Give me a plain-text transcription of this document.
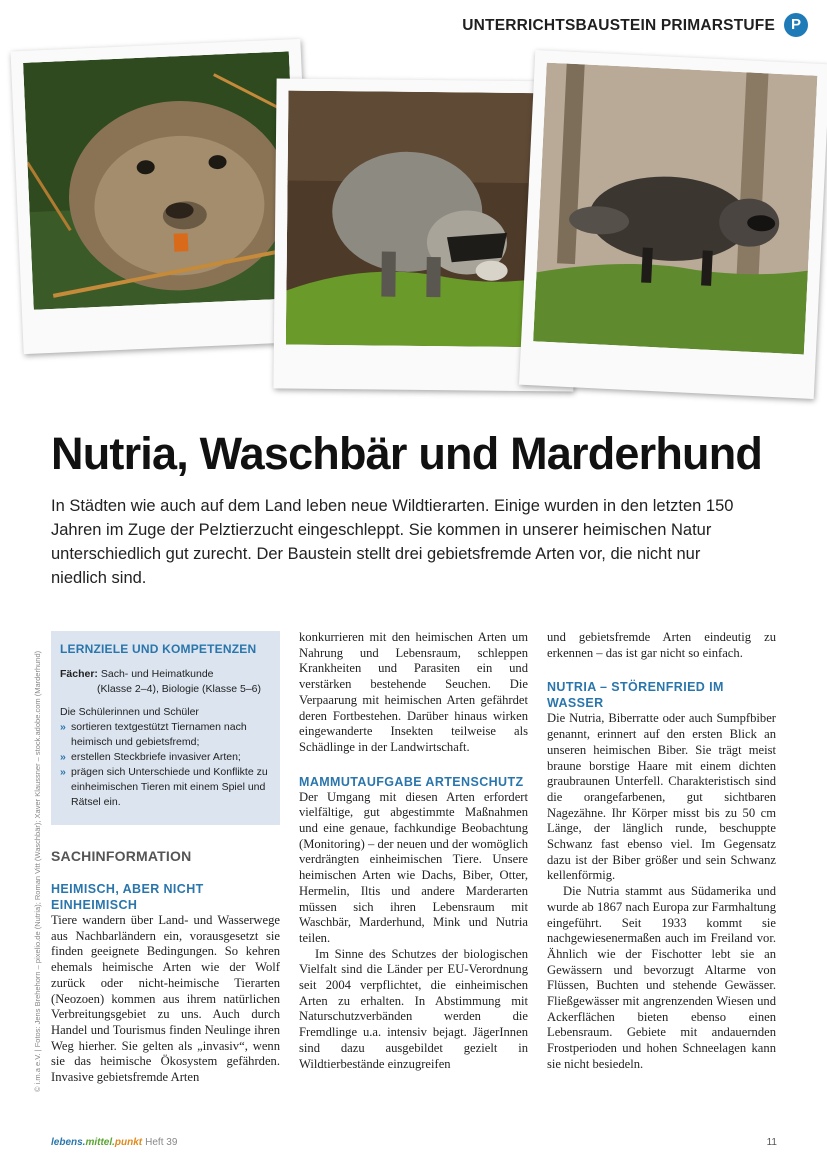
UNTERRICHTSBAUSTEIN PRIMARSTUFE	P
© i.m.a e.V. | Fotos: Jens Brehehorn – pixelio.de (Nutria); Roman Vitt (Waschbär); Xaver Klaussner – stock.adobe.com (Marderhund)
Nutria, Waschbär und Marderhund

In Städten wie auch auf dem Land leben neue Wildtierarten. Einige wurden in den letzten 150 Jahren im Zuge der Pelztierzucht eingeschleppt. Sie kommen in unserer heimischen Natur unterschiedlich gut zurecht. Der Baustein stellt drei gebietsfremde Arten vor, die nicht nur niedlich sind.

LERNZIELE UND KOMPETENZEN
Fächer: Sach- und Heimatkunde
(Klasse 2–4), Biologie (Klasse 5–6)
Die Schülerinnen und Schüler
» sortieren textgestützt Tiernamen nach heimisch und gebietsfremd;
» erstellen Steckbriefe invasiver Arten;
» prägen sich Unterschiede und Konflikte zu einheimischen Tieren mit einem Spiel und Rätsel ein.
SACHINFORMATION
HEIMISCH, ABER NICHT EINHEIMISCH

Tiere wandern über Land- und Wasserwege aus Nachbarländern ein, vorausgesetzt sie finden geeignete Bedingungen. So kehren ehemals heimische Arten wie der Wolf zurück oder nicht-heimische Tierarten (Neozoen) kommen aus ihrem natürlichen Verbreitungsgebiet zu uns. Auch durch Handel und Tourismus finden Neulinge ihren Weg hierher. Sie gelten als „invasiv“, wenn sie das heimische Ökosystem gefährden. Invasive gebietsfremde Arten

konkurrieren mit den heimischen Arten um Nahrung und Lebensraum, schleppen Krankheiten und Parasiten ein und verstärken bestehende Seuchen. Die Verpaarung mit heimischen Arten gefährdet deren Fortbestehen. Darüber hinaus wirken eingewanderte Insekten teilweise als Schädlinge in der Landwirtschaft.

MAMMUTAUFGABE ARTENSCHUTZ

Der Umgang mit diesen Arten erfordert vielfältige, gut abgestimmte Maßnahmen und eine genaue, fachkundige Beobachtung (Monitoring) – der neuen und der womöglich verdrängten einheimischen Tiere. Unsere heimischen Arten wie Dachs, Biber, Otter, Hermelin, Iltis und andere Marderarten müssen sich ihren Lebensraum mit Waschbär, Marderhund, Mink und Nutria teilen.

Im Sinne des Schutzes der biologischen Vielfalt sind die Länder per EU-Verordnung seit 2004 verpflichtet, die einheimischen Arten zu erhalten. In Abstimmung mit Naturschutzverbänden werden die Fremdlinge u.a. intensiv bejagt. JägerInnen sind dazu ausgebildet gezielt in Wildtierbestände einzugreifen

und gebietsfremde Arten eindeutig zu erkennen – das ist gar nicht so einfach.

NUTRIA – STÖRENFRIED IM WASSER

Die Nutria, Biberratte oder auch Sumpfbiber genannt, erinnert auf den ersten Blick an unseren heimischen Biber. Sie trägt meist braune borstige Haare mit einem dichten graubraunen Unterfell. Charakteristisch sind die orangefarbenen, gut sichtbaren Nagezähne. Ihr Körper misst bis zu 50 cm Länge, der länglich runde, beschuppte Schwanz fast ebenso viel. Im Gegensatz dazu ist der Biber größer und sein Schwanz kellenförmig.

Die Nutria stammt aus Südamerika und wurde ab 1867 nach Europa zur Farmhaltung eingeführt. Seit 1933 kommt sie nachgewiesenermaßen auch im Freiland vor. Ähnlich wie der Fischotter lebt sie an Gewässern und bevorzugt Altarme von Flüssen, Buchten und stehende Gewässer. Fließgewässer mit angrenzenden Wiesen und Ackerflächen bieten ebenso einen Lebensraum. Gebiete mit andauernden Frostperioden und hohen Schneelagen kann sie nicht besiedeln.

lebens.mittel.punkt Heft 39	11
